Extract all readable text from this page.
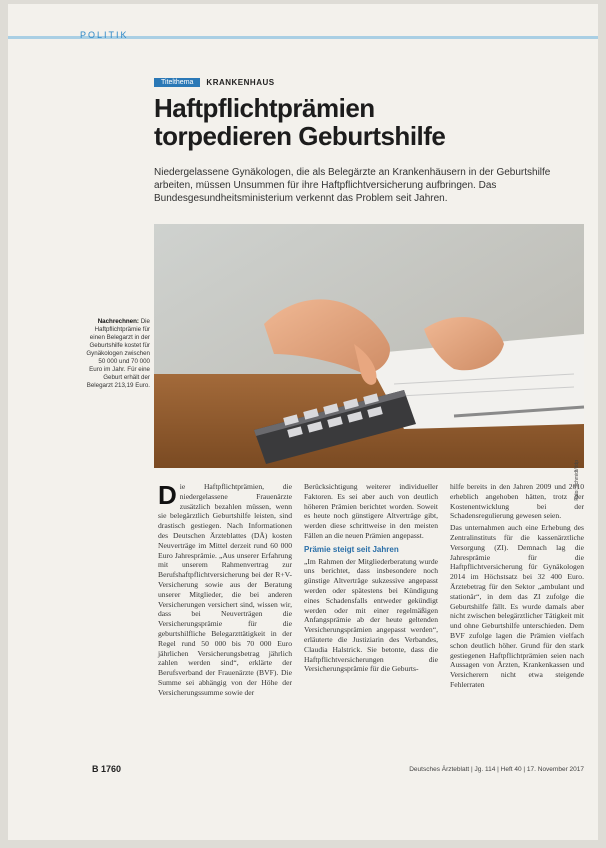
POLITIK
Titelthema	KRANKENHAUS
Haftpflichtprämien
torpedieren Geburtshilfe

Niedergelassene Gynäkologen, die als Belegärzte an Krankenhäusern in der Geburtshilfe arbeiten, müssen Unsummen für ihre Haftpflichtversicherung aufbringen. Das Bundesgesundheitsministerium verkennt das Problem seit Jahren.

Foto: Schmidt/ddp
Nachrechnen: Die Haftpflichtprämie für einen Belegarzt in der Geburtshilfe kostet für Gynäkologen zwischen 50 000 und 70 000 Euro im Jahr. Für eine Geburt erhält der Belegarzt 213,19 Euro.

Die Haftpflichtprämien, die niedergelassene Frauenärzte zusätzlich bezahlen müssen, wenn sie belegärztlich Geburtshilfe leisten, sind drastisch gestiegen. Nach Informationen des Deutschen Ärzteblattes (DÄ) kosten Neuverträge im Mittel derzeit rund 60 000 Euro Jahresprämie. „Aus unserer Erfahrung mit unserem Rahmenvertrag zur Berufshaftpflichtversicherung bei der R+V-Versicherung sowie aus der Beratung unserer Mitglieder, die bei anderen Versicherungen versichert sind, wissen wir, dass bei Neuverträgen die Versicherungsprämie für die geburtshilfliche Belegarzttätigkeit in der Regel rund 50 000 bis 70 000 Euro jährlichen Versicherungsbetrag jährlich zahlen werden sind“, erklärte der Berufsverband der Frauenärzte (BVF). Die Summe sei abhängig von der Höhe der Versicherungssumme sowie der

Berücksichtigung weiterer individueller Faktoren. Es sei aber auch von deutlich höheren Prämien berichtet worden. Soweit es heute noch günstigere Altverträge gibt, werden diese schrittweise in den meisten Fällen an die neuen Prämien angepasst.

Prämie steigt seit Jahren

„Im Rahmen der Mitgliederberatung wurde uns berichtet, dass insbesondere noch günstige Altverträge sukzessive angepasst werden oder spätestens bei Kündigung eines Schadensfalls entweder gekündigt werden oder mit einer regelmäßigen Anfangsprämie ab der heute geltenden Versicherungsprämien angepasst werden“, erläuterte die Justiziarin des Verbandes, Claudia Halstrick. Sie betonte, dass die Haftpflichtversicherungen die Versicherungsprämie für die Geburts-

hilfe bereits in den Jahren 2009 und 2010 erheblich angehoben hätten, trotz der Kostenentwicklung bei der Schadensregulierung gewesen seien.

Das unternahmen auch eine Erhebung des Zentralinstituts für die kassenärztliche Versorgung (ZI). Demnach lag die Jahresprämie für die Haftpflichtversicherung für Gynäkologen 2014 im Höchstsatz bei 32 400 Euro. Ärztebetrag für den Sektor „ambulant und stationär“, in dem das ZI zufolge die Geburtshilfe fällt. Es wurde damals aber nicht zwischen belegärztlicher Tätigkeit mit und ohne Geburtshilfe unterschieden. Dem BVF zufolge lagen die Prämien vielfach schon deutlich höher. Grund für den stark gestiegenen Haftpflichtprämien seien nach Aussagen von Ärzten, Krankenkassen und Versicherern nicht etwa steigende Fehlerraten

B 1760	Deutsches Ärzteblatt | Jg. 114 | Heft 40 | 17. November 2017
